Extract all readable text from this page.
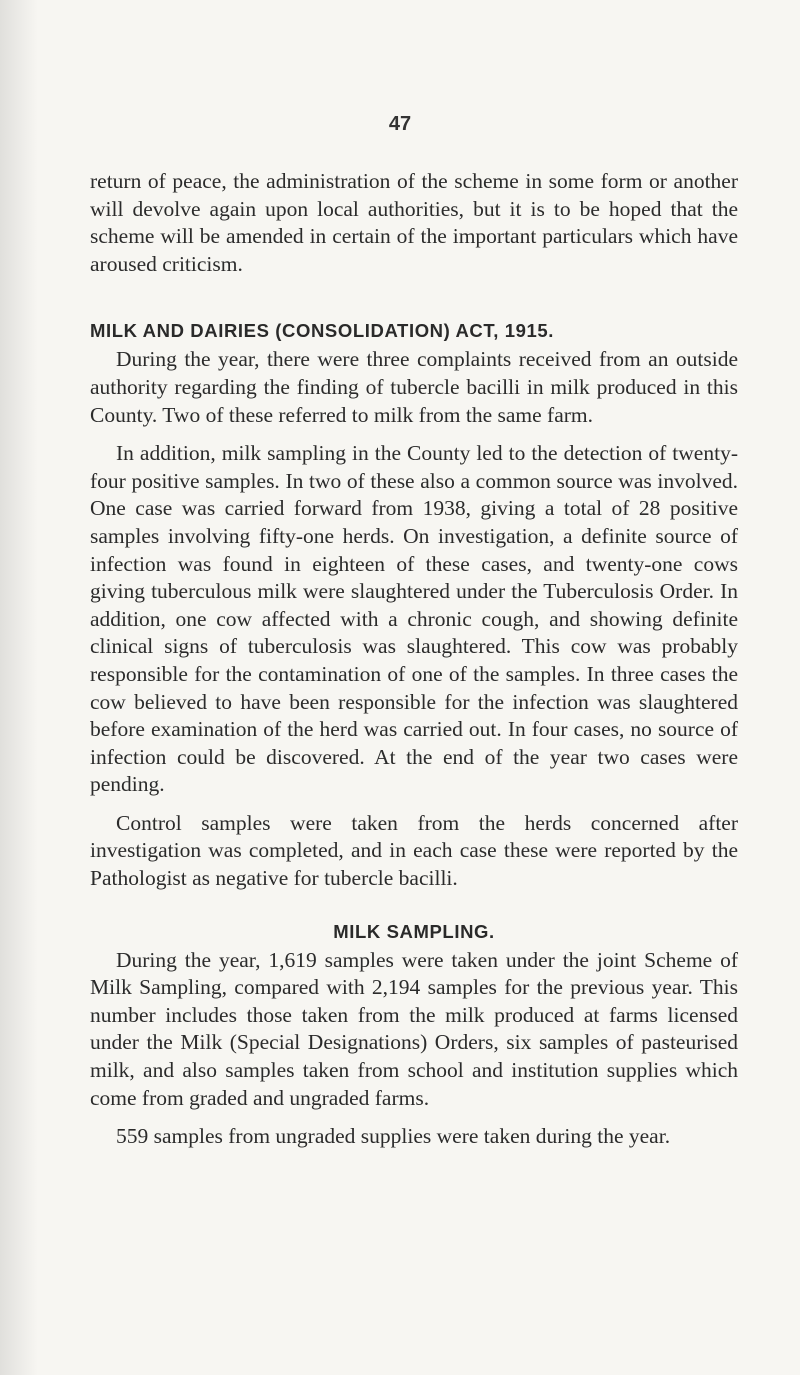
47

return of peace, the administration of the scheme in some form or another will devolve again upon local authorities, but it is to be hoped that the scheme will be amended in certain of the important particulars which have aroused criticism.

MILK AND DAIRIES (CONSOLIDATION) ACT, 1915.

During the year, there were three complaints received from an outside authority regarding the finding of tubercle bacilli in milk produced in this County. Two of these referred to milk from the same farm.

In addition, milk sampling in the County led to the detection of twenty-four positive samples. In two of these also a common source was involved. One case was carried forward from 1938, giving a total of 28 positive samples involving fifty-one herds. On investigation, a definite source of infection was found in eighteen of these cases, and twenty-one cows giving tuberculous milk were slaughtered under the Tuberculosis Order. In addition, one cow affected with a chronic cough, and showing definite clinical signs of tuberculosis was slaughtered. This cow was probably responsible for the contamination of one of the samples. In three cases the cow believed to have been responsible for the infection was slaughtered before examination of the herd was carried out. In four cases, no source of infection could be discovered. At the end of the year two cases were pending.

Control samples were taken from the herds concerned after investigation was completed, and in each case these were reported by the Pathologist as negative for tubercle bacilli.

MILK SAMPLING.

During the year, 1,619 samples were taken under the joint Scheme of Milk Sampling, compared with 2,194 samples for the previous year. This number includes those taken from the milk produced at farms licensed under the Milk (Special Designations) Orders, six samples of pasteurised milk, and also samples taken from school and institution supplies which come from graded and ungraded farms.

559 samples from ungraded supplies were taken during the year.
